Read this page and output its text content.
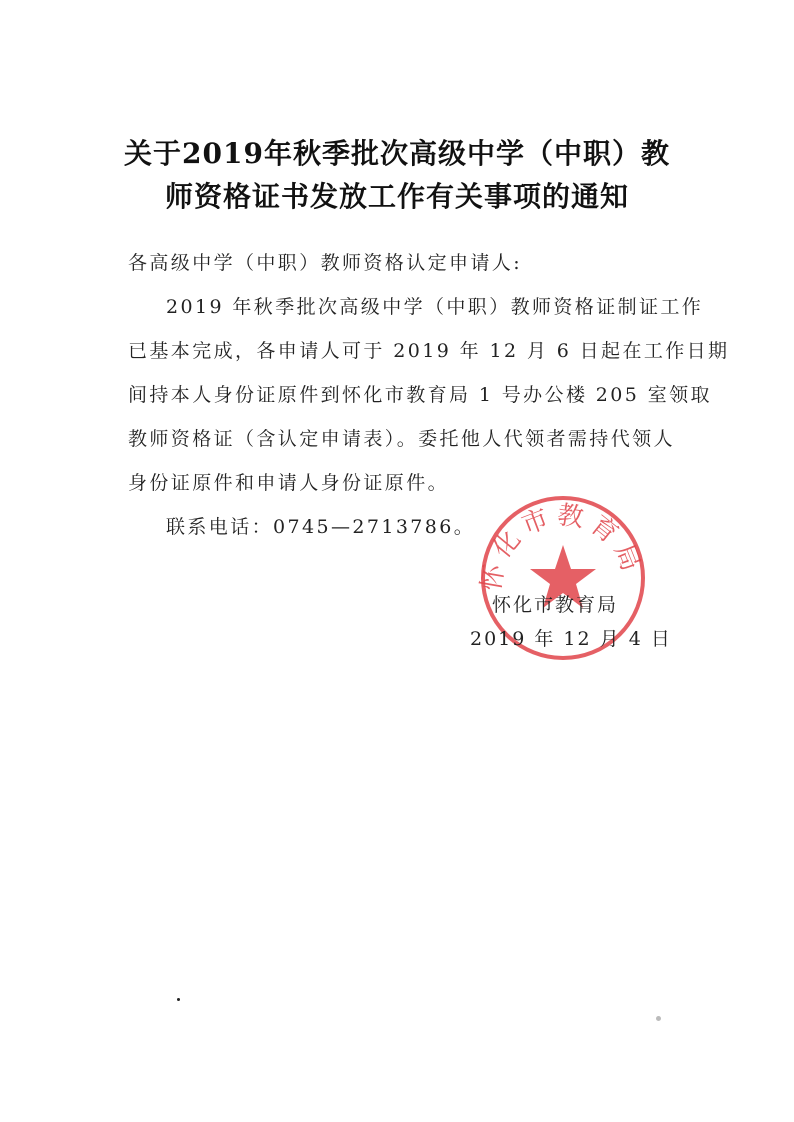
关于2019年秋季批次高级中学（中职）教
师资格证书发放工作有关事项的通知
各高级中学（中职）教师资格认定申请人:
2019 年秋季批次高级中学（中职）教师资格证制证工作
已基本完成，各申请人可于 2019 年 12 月 6 日起在工作日期
间持本人身份证原件到怀化市教育局 1 号办公楼 205 室领取
教师资格证（含认定申请表）。委托他人代领者需持代领人
身份证原件和申请人身份证原件。
联系电话：0745—2713786。
怀化市教育局
怀化市教育局
2019 年 12 月 4 日
